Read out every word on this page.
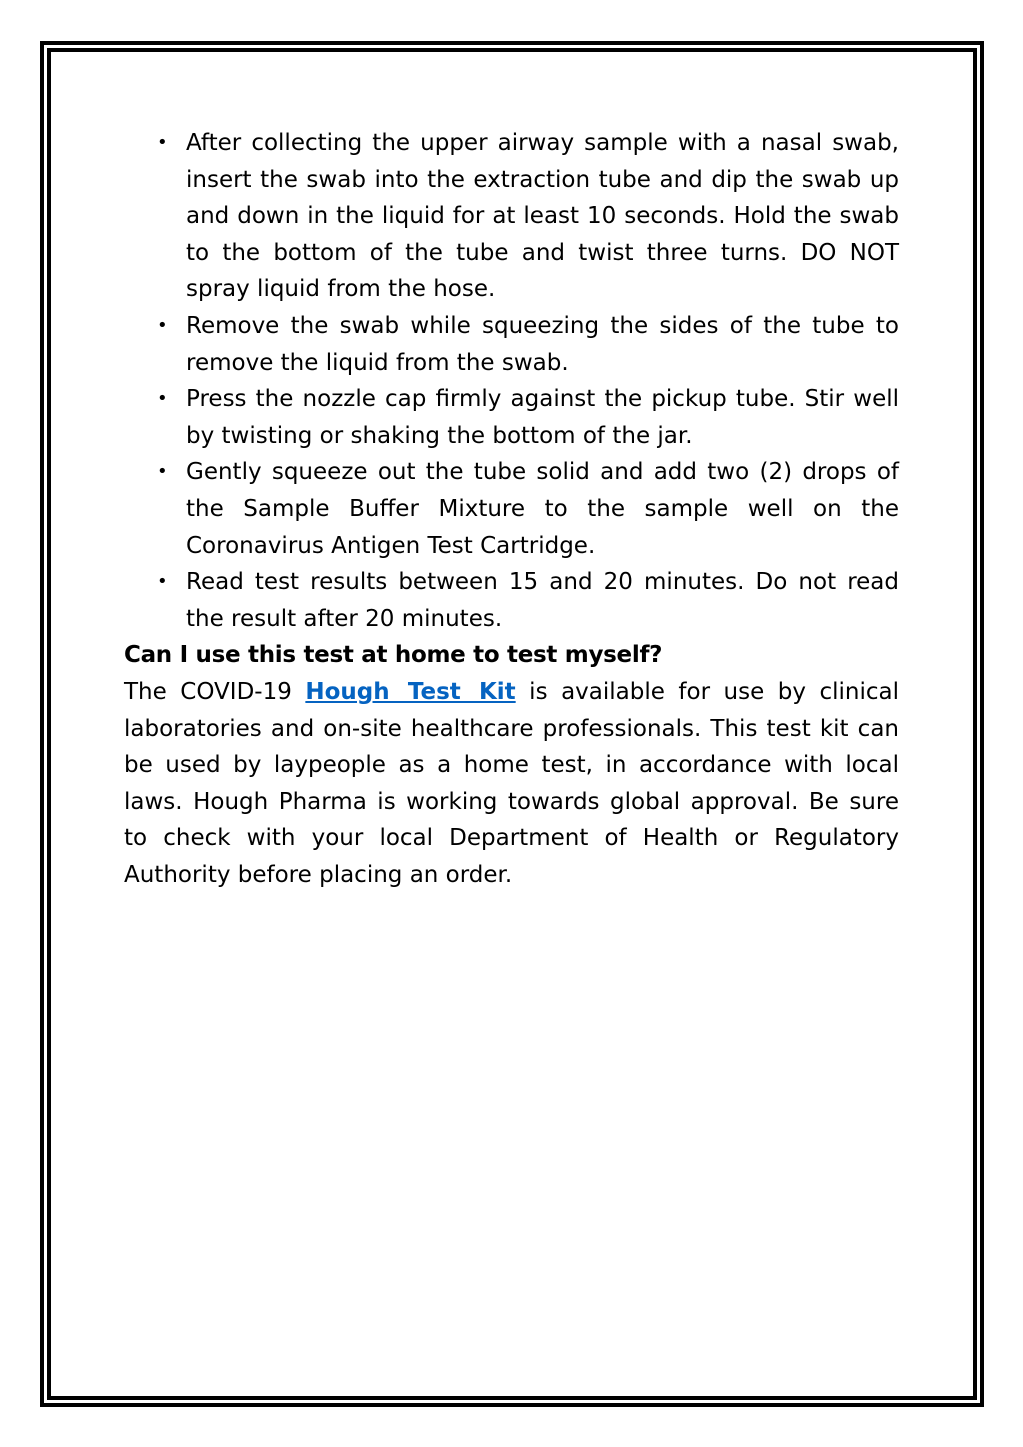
• After collecting the upper airway sample with a nasal swab, insert the swab into the extraction tube and dip the swab up and down in the liquid for at least 10 seconds. Hold the swab to the bottom of the tube and twist three turns. DO NOT spray liquid from the hose.
• Remove the swab while squeezing the sides of the tube to remove the liquid from the swab.
• Press the nozzle cap firmly against the pickup tube. Stir well by twisting or shaking the bottom of the jar.
• Gently squeeze out the tube solid and add two (2) drops of the Sample Buffer Mixture to the sample well on the Coronavirus Antigen Test Cartridge.
• Read test results between 15 and 20 minutes. Do not read the result after 20 minutes.
Can I use this test at home to test myself?

The COVID-19 Hough Test Kit is available for use by clinical laboratories and on-site healthcare professionals. This test kit can be used by laypeople as a home test, in accordance with local laws. Hough Pharma is working towards global approval. Be sure to check with your local Department of Health or Regulatory Authority before placing an order.
